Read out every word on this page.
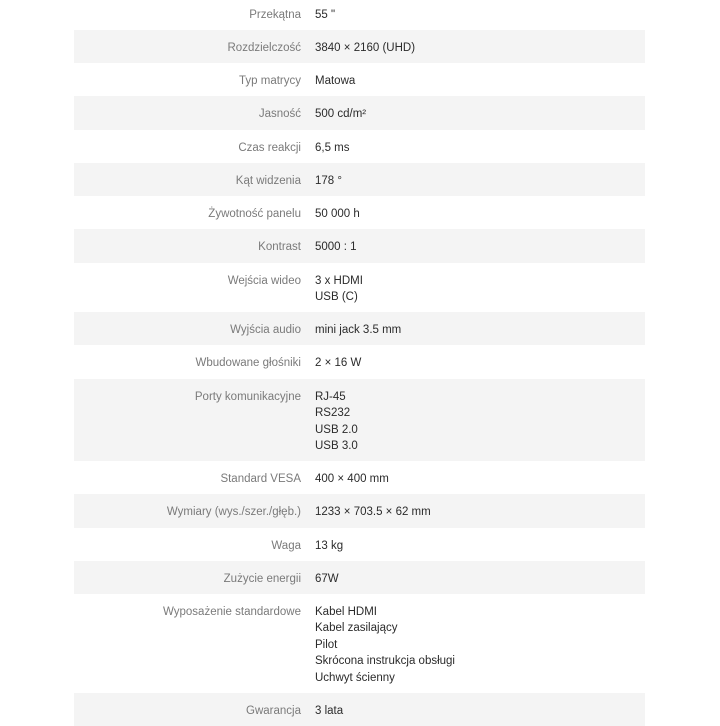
Przekątna 55 "
Rozdzielczość 3840 × 2160 (UHD)
Typ matrycy Matowa
Jasność 500 cd/m²
Czas reakcji 6,5 ms
Kąt widzenia 178 °
Żywotność panelu 50 000 h
Kontrast 5000 : 1
Wejścia wideo 3 x HDMI
USB (C)
Wyjścia audio mini jack 3.5 mm
Wbudowane głośniki 2 × 16 W
Porty komunikacyjne RJ-45
RS232
USB 2.0
USB 3.0
Standard VESA 400 × 400 mm
Wymiary (wys./szer./głęb.) 1233 × 703.5 × 62 mm
Waga 13 kg
Zużycie energii 67W
Wyposażenie standardowe Kabel HDMI
Kabel zasilający
Pilot
Skrócona instrukcja obsługi
Uchwyt ścienny
Gwarancja 3 lata
